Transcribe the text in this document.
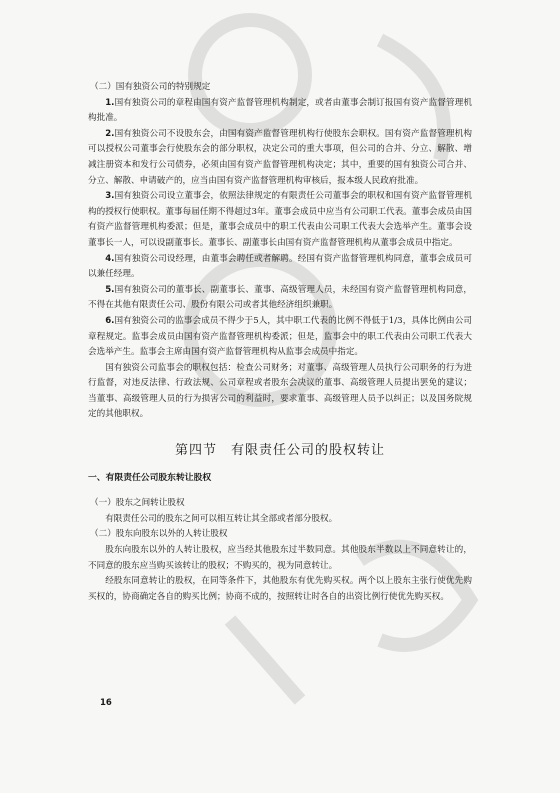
（二）国有独资公司的特别规定

1.国有独资公司的章程由国有资产监督管理机构制定，或者由董事会制订报国有资产监督管理机构批准。

2.国有独资公司不设股东会，由国有资产监督管理机构行使股东会职权。国有资产监督管理机构可以授权公司董事会行使股东会的部分职权，决定公司的重大事项，但公司的合并、分立、解散、增减注册资本和发行公司债券，必须由国有资产监督管理机构决定；其中，重要的国有独资公司合并、分立、解散、申请破产的，应当由国有资产监督管理机构审核后，报本级人民政府批准。

3.国有独资公司设立董事会，依照法律规定的有限责任公司董事会的职权和国有资产监督管理机构的授权行使职权。董事每届任期不得超过3年。董事会成员中应当有公司职工代表。董事会成员由国有资产监督管理机构委派；但是，董事会成员中的职工代表由公司职工代表大会选举产生。董事会设董事长一人，可以设副董事长。董事长、副董事长由国有资产监督管理机构从董事会成员中指定。

4.国有独资公司设经理，由董事会聘任或者解聘。经国有资产监督管理机构同意，董事会成员可以兼任经理。

5.国有独资公司的董事长、副董事长、董事、高级管理人员，未经国有资产监督管理机构同意，不得在其他有限责任公司、股份有限公司或者其他经济组织兼职。

6.国有独资公司的监事会成员不得少于5人，其中职工代表的比例不得低于1/3，具体比例由公司章程规定。监事会成员由国有资产监督管理机构委派；但是，监事会中的职工代表由公司职工代表大会选举产生。监事会主席由国有资产监督管理机构从监事会成员中指定。

国有独资公司监事会的职权包括：检查公司财务；对董事、高级管理人员执行公司职务的行为进行监督，对违反法律、行政法规、公司章程或者股东会决议的董事、高级管理人员提出罢免的建议；当董事、高级管理人员的行为损害公司的利益时，要求董事、高级管理人员予以纠正；以及国务院规定的其他职权。

第四节　有限责任公司的股权转让

一、有限责任公司股东转让股权

（一）股东之间转让股权

有限责任公司的股东之间可以相互转让其全部或者部分股权。

（二）股东向股东以外的人转让股权

股东向股东以外的人转让股权，应当经其他股东过半数同意。其他股东半数以上不同意转让的，不同意的股东应当购买该转让的股权；不购买的，视为同意转让。

经股东同意转让的股权，在同等条件下，其他股东有优先购买权。两个以上股东主张行使优先购买权的，协商确定各自的购买比例；协商不成的，按照转让时各自的出资比例行使优先购买权。

16
